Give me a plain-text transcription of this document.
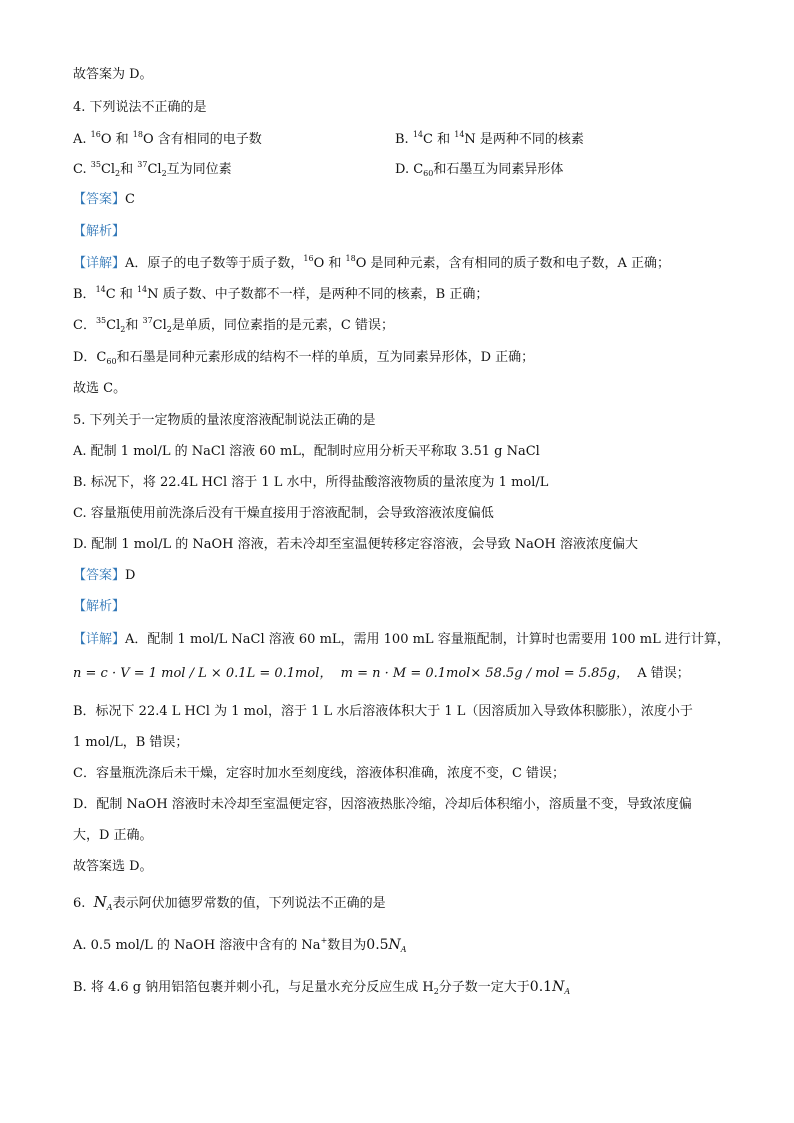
故答案为 D。
4. 下列说法不正确的是
A. $^{16}$O 和 $^{18}$O 含有相同的电子数	B. $^{14}$C 和 $^{14}$N 是两种不同的核素
C. $^{35}Cl_2$和 $^{37}Cl_2$互为同位素	D. $C_{60}$和石墨互为同素异形体
【答案】C
【解析】
【详解】A．原子的电子数等于质子数，$^{16}$O 和 $^{18}$O 是同种元素，含有相同的质子数和电子数，A 正确；
B．$^{14}$C 和 $^{14}$N 质子数、中子数都不一样，是两种不同的核素，B 正确；
C．$^{35}Cl_2$和 $^{37}Cl_2$是单质，同位素指的是元素，C 错误；
D．$C_{60}$和石墨是同种元素形成的结构不一样的单质，互为同素异形体，D 正确；
故选 C。
5. 下列关于一定物质的量浓度溶液配制说法正确的是
A. 配制 1 mol/L 的 NaCl 溶液 60 mL，配制时应用分析天平称取 3.51 g NaCl
B. 标况下，将 22.4L HCl 溶于 1 L 水中，所得盐酸溶液物质的量浓度为 1 mol/L
C. 容量瓶使用前洗涤后没有干燥直接用于溶液配制，会导致溶液浓度偏低
D. 配制 1 mol/L 的 NaOH 溶液，若未冷却至室温便转移定容溶液，会导致 NaOH 溶液浓度偏大
【答案】D
【解析】
【详解】A．配制 1 mol/L NaCl 溶液 60 mL，需用 100 mL 容量瓶配制，计算时也需要用 100 mL 进行计算，
n = c · V = 1 mol / L × 0.1L = 0.1mol， m = n · M = 0.1mol× 58.5g / mol = 5.85g， A 错误；
B．标况下 22.4 L HCl 为 1 mol，溶于 1 L 水后溶液体积大于 1 L（因溶质加入导致体积膨胀），浓度小于
1 mol/L，B 错误；
C．容量瓶洗涤后未干燥，定容时加水至刻度线，溶液体积准确，浓度不变，C 错误；
D．配制 NaOH 溶液时未冷却至室温便定容，因溶液热胀冷缩，冷却后体积缩小，溶质量不变，导致浓度偏
大，D 正确。
故答案选 D。
6. $N_A$表示阿伏加德罗常数的值，下列说法不正确的是
A. 0.5 mol/L 的 NaOH 溶液中含有的 Na+数目为$0.5N_A$
B. 将 4.6 g 钠用铝箔包裹并刺小孔，与足量水充分反应生成 $H_2$分子数一定大于$0.1N_A$
